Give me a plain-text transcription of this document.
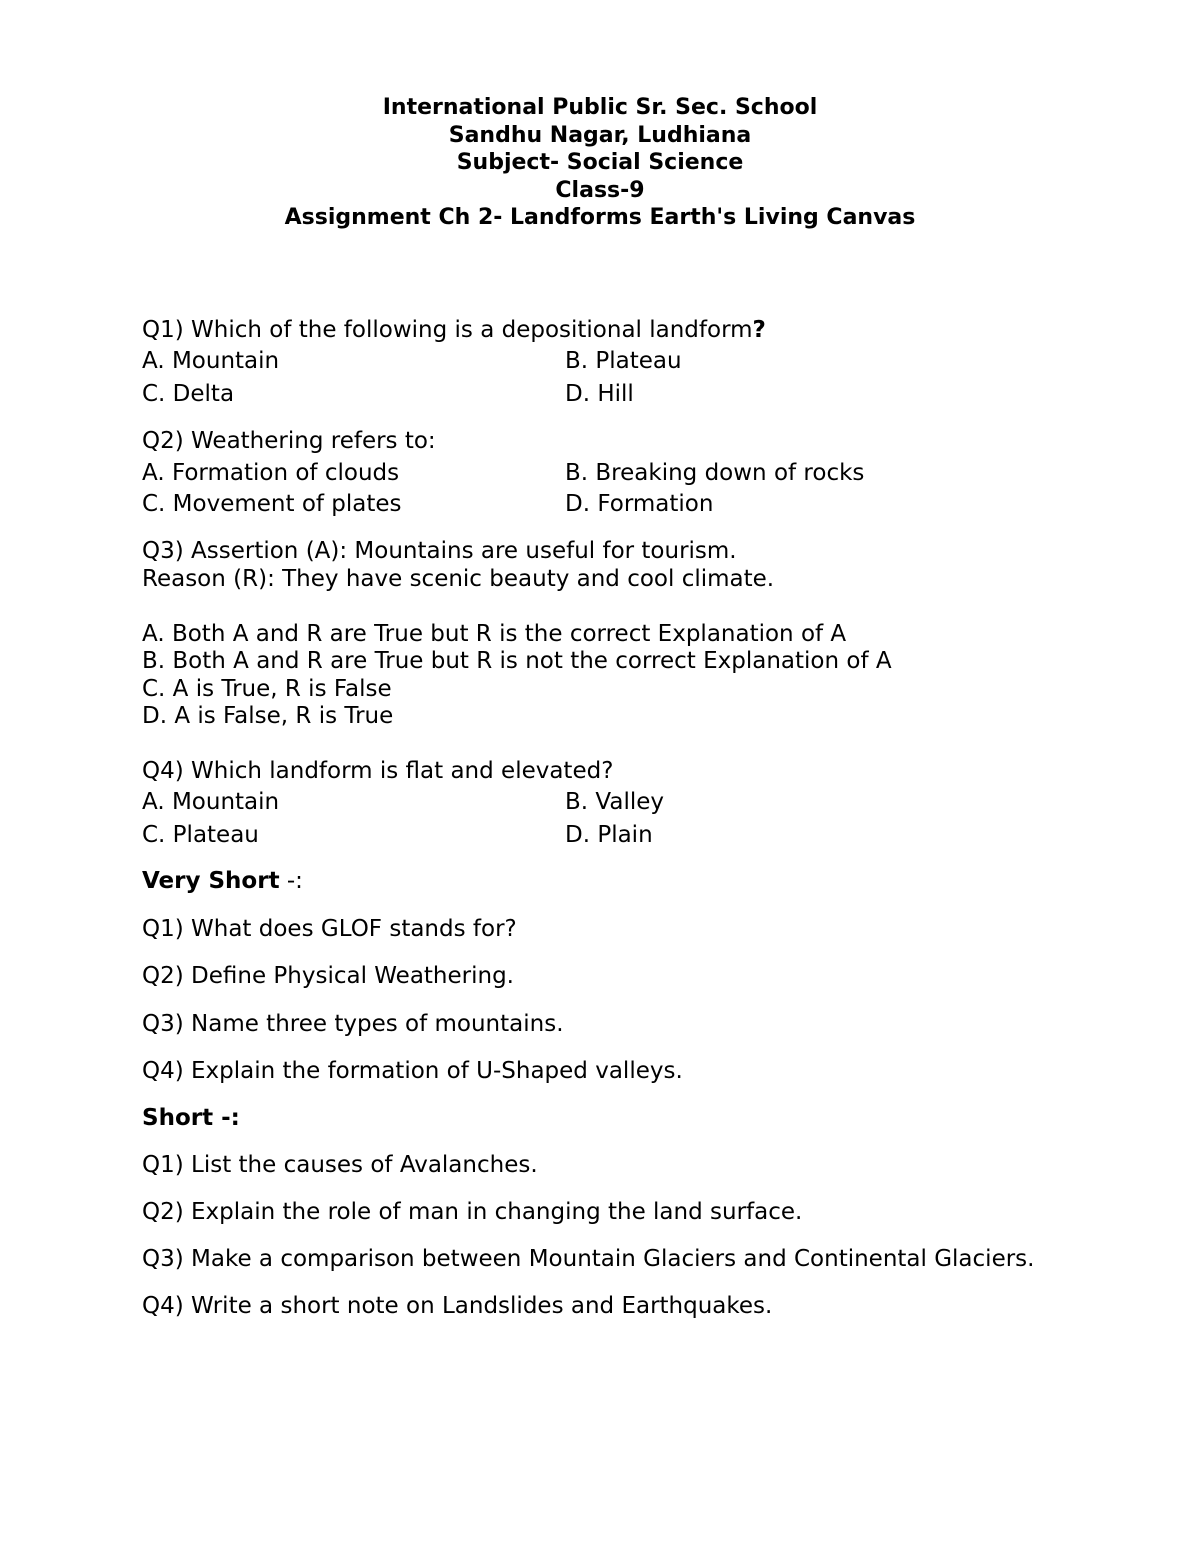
International Public Sr. Sec. School
Sandhu Nagar, Ludhiana
Subject- Social Science
Class-9
Assignment Ch 2- Landforms Earth's Living Canvas
Q1) Which of the following is a depositional landform?
A. Mountain	B. Plateau
C. Delta	D. Hill
Q2) Weathering refers to:
A. Formation of clouds	B. Breaking down of rocks
C. Movement of plates	D. Formation
Q3) Assertion (A): Mountains are useful for tourism.
Reason (R): They have scenic beauty and cool climate.
A. Both A and R are True but R is the correct Explanation of A
B. Both A and R are True but R is not the correct Explanation of A
C. A is True, R is False
D. A is False, R is True
Q4) Which landform is flat and elevated?
A. Mountain	B. Valley
C. Plateau	D. Plain
Very Short -:
Q1) What does GLOF stands for?
Q2) Define Physical Weathering.
Q3) Name three types of mountains.
Q4) Explain the formation of U-Shaped valleys.
Short -:
Q1) List the causes of Avalanches.
Q2) Explain the role of man in changing the land surface.
Q3) Make a comparison between Mountain Glaciers and Continental Glaciers.
Q4) Write a short note on Landslides and Earthquakes.
